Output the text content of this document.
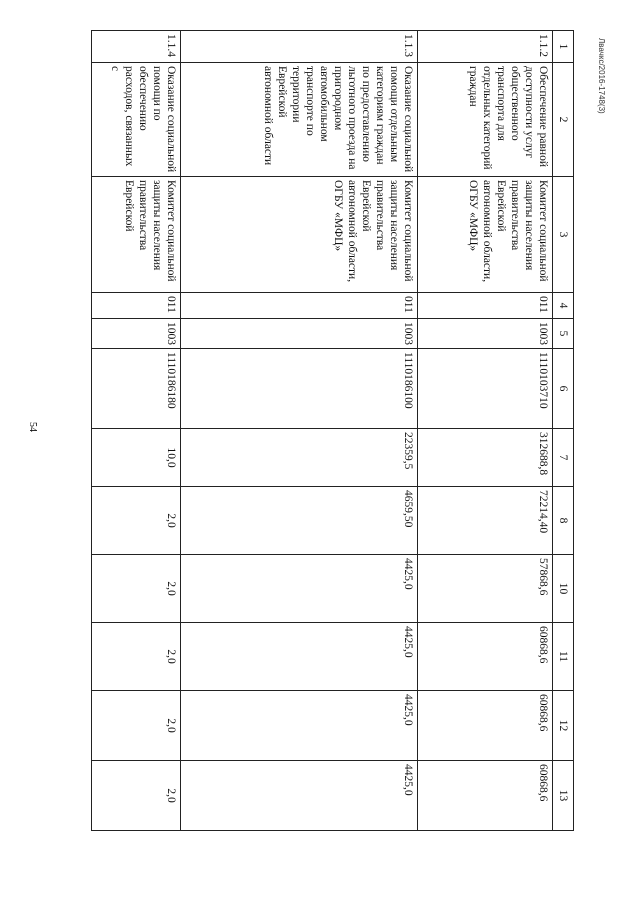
54
Лвачкс/2016-1748(3)
1	2	3	4	5	6	7	8	10	11	12	13
1.1.2	Обеспечение равной доступности услуг общественного транспорта для отдельных категорий граждан	Комитет социальной защиты населения правительства Еврейской автономной области, ОГБУ «МФЦ»	011	1003	1110103710	312688,8	72214,40	57868,6	60868,6	60868,6	60868,6
1.1.3	Оказание социальной помощи отдельным категориям граждан по предоставлению льготного проезда на пригородном автомобильном транспорте по территории Еврейской автономной области	Комитет социальной защиты населения правительства Еврейской автономной области, ОГБУ «МФЦ»	011	1003	1110186100	22359,5	4659,50	4425,0	4425,0	4425,0	4425,0
1.1.4	Оказание социальной помощи по обеспечению расходов, связанных с	Комитет социальной защиты населения правительства Еврейской	011	1003	1110186180	10,0	2,0	2,0	2,0	2,0	2,0
